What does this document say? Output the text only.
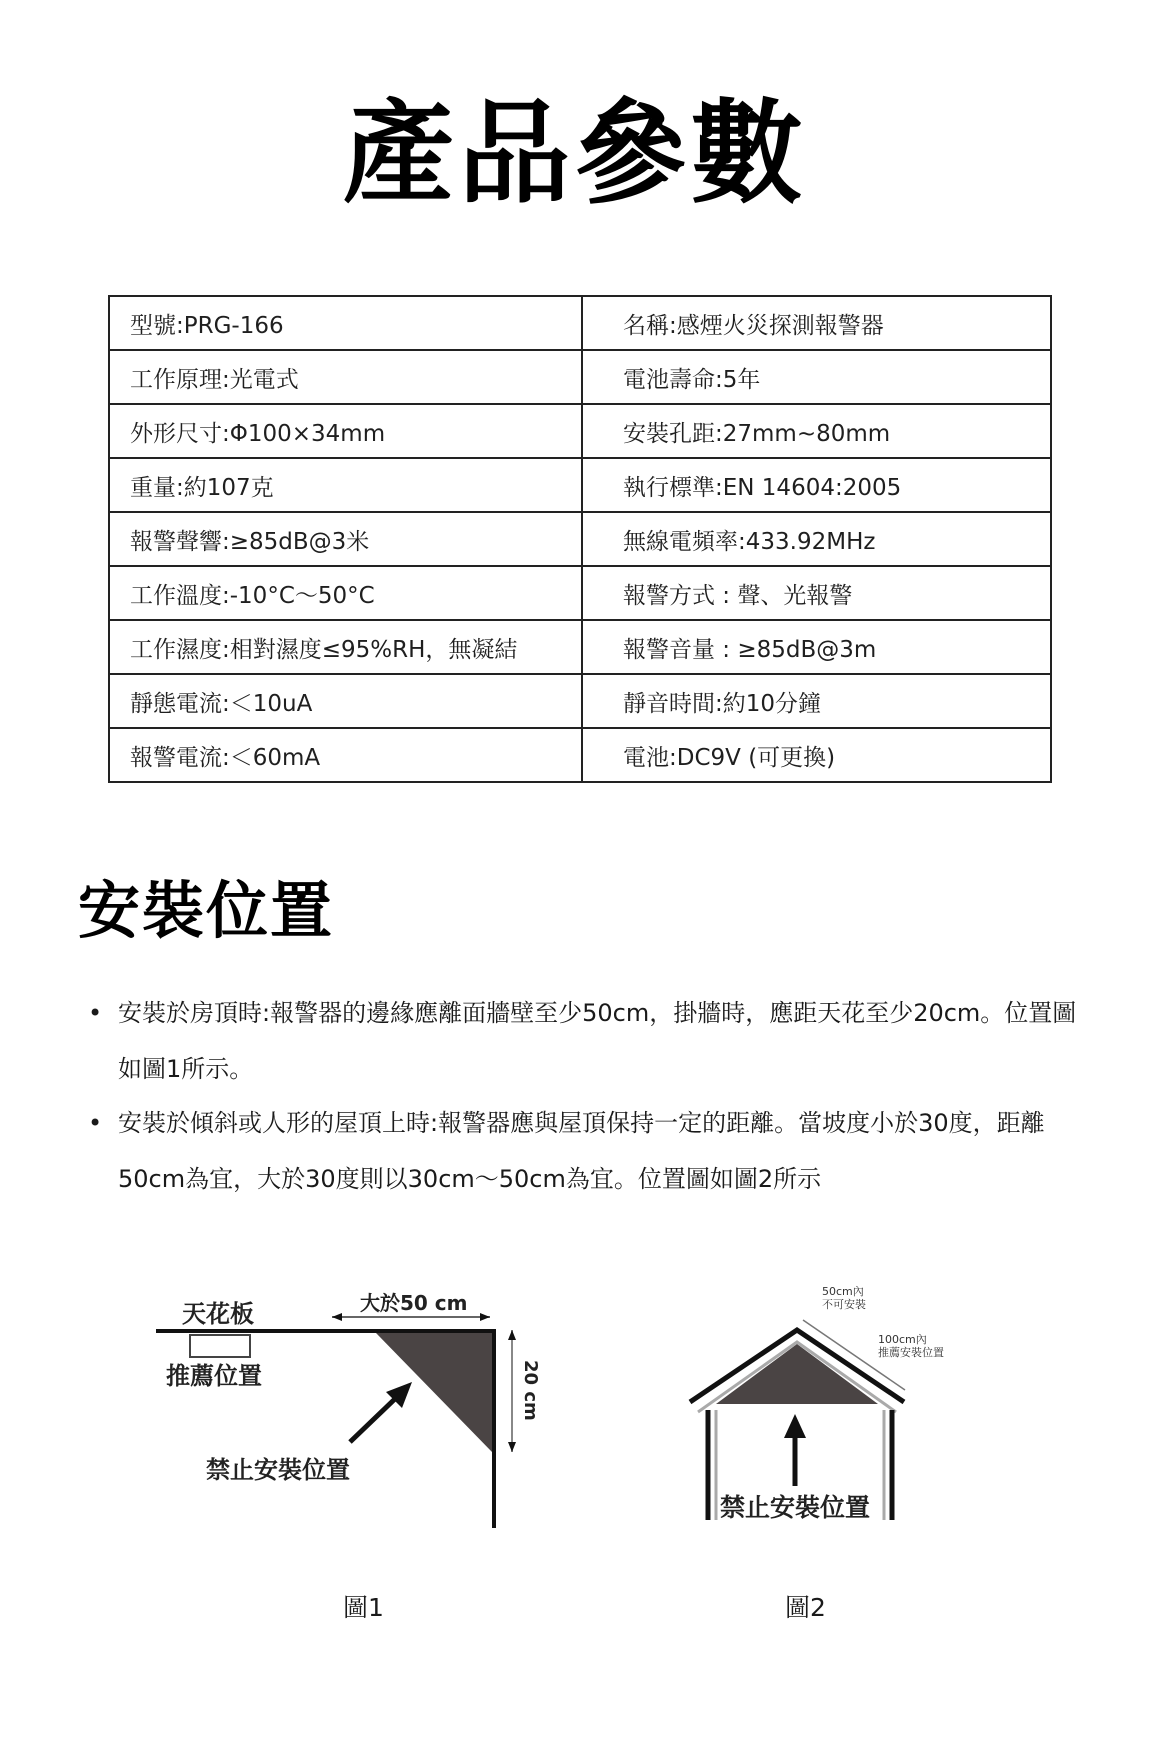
產品參數
型號:PRG-166	名稱:感煙火災探測報警器
工作原理:光電式	電池壽命:5年
外形尺寸:Φ100×34mm	安裝孔距:27mm~80mm
重量:約107克	執行標準:EN 14604:2005
報警聲響:≥85dB@3米	無線電頻率:433.92MHz
工作溫度:-10°C～50°C	報警方式 : 聲、光報警
工作濕度:相對濕度≤95%RH，無凝結	報警音量 : ≥85dB@3m
靜態電流:＜10uA	靜音時間:約10分鐘
報警電流:＜60mA	電池:DC9V (可更換)
安裝位置
• 安裝於房頂時:報警器的邊緣應離面牆壁至少50cm，掛牆時，應距天花至少20cm。位置圖如圖1所示。
• 安裝於傾斜或人形的屋頂上時:報警器應與屋頂保持一定的距離。當坡度小於30度，距離50cm為宜，大於30度則以30cm～50cm為宜。位置圖如圖2所示
天花板
推薦位置
大於50 cm
20 cm
禁止安裝位置
圖1
50cm內
不可安裝
100cm內
推薦安裝位置
禁止安裝位置
圖2
